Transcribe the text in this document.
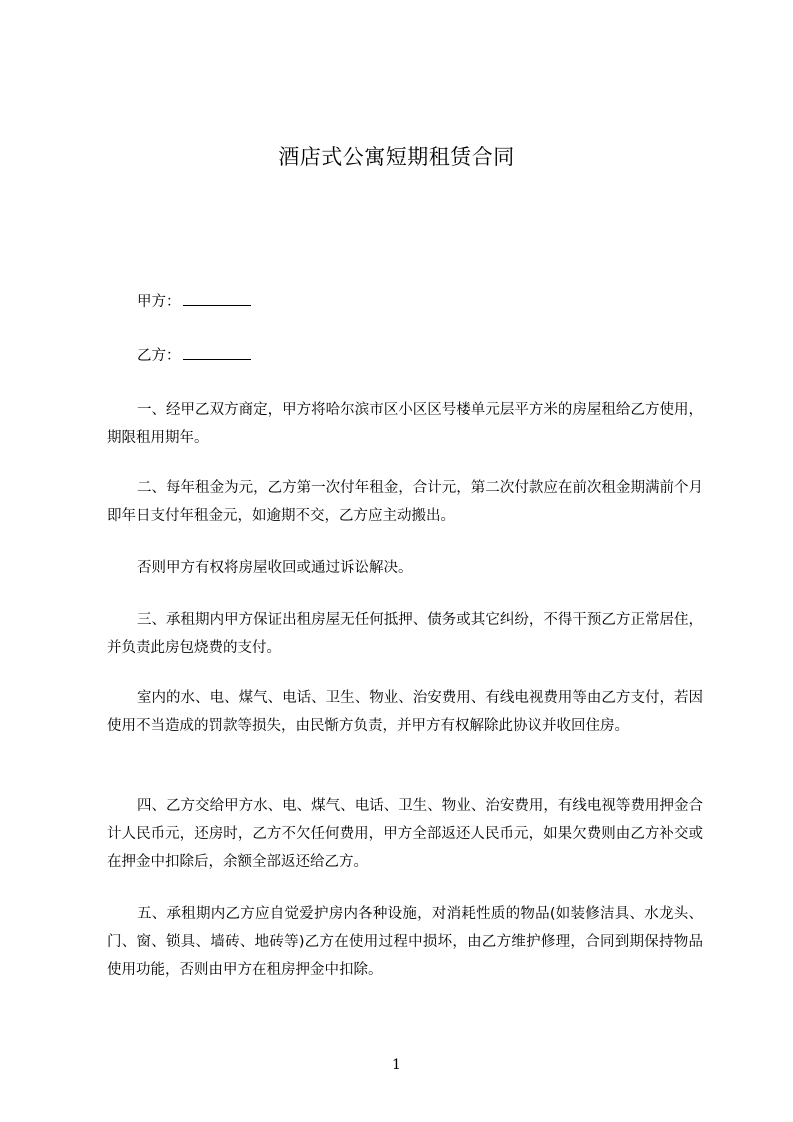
酒店式公寓短期租赁合同
甲方：
乙方：

一、经甲乙双方商定，甲方将哈尔滨市区小区区号楼单元层平方米的房屋租给乙方使用，期限租用期年。

二、每年租金为元，乙方第一次付年租金，合计元，第二次付款应在前次租金期满前个月即年日支付年租金元，如逾期不交，乙方应主动搬出。

否则甲方有权将房屋收回或通过诉讼解决。

三、承租期内甲方保证出租房屋无任何抵押、债务或其它纠纷，不得干预乙方正常居住，并负责此房包烧费的支付。

室内的水、电、煤气、电话、卫生、物业、治安费用、有线电视费用等由乙方支付，若因使用不当造成的罚款等损失，由民惭方负责，并甲方有权解除此协议并收回住房。

四、乙方交给甲方水、电、煤气、电话、卫生、物业、治安费用，有线电视等费用押金合计人民币元，还房时，乙方不欠任何费用，甲方全部返还人民币元，如果欠费则由乙方补交或在押金中扣除后，余额全部返还给乙方。

五、承租期内乙方应自觉爱护房内各种设施，对消耗性质的物品(如装修洁具、水龙头、门、窗、锁具、墙砖、地砖等)乙方在使用过程中损坏，由乙方维护修理，合同到期保持物品使用功能，否则由甲方在租房押金中扣除。

1
